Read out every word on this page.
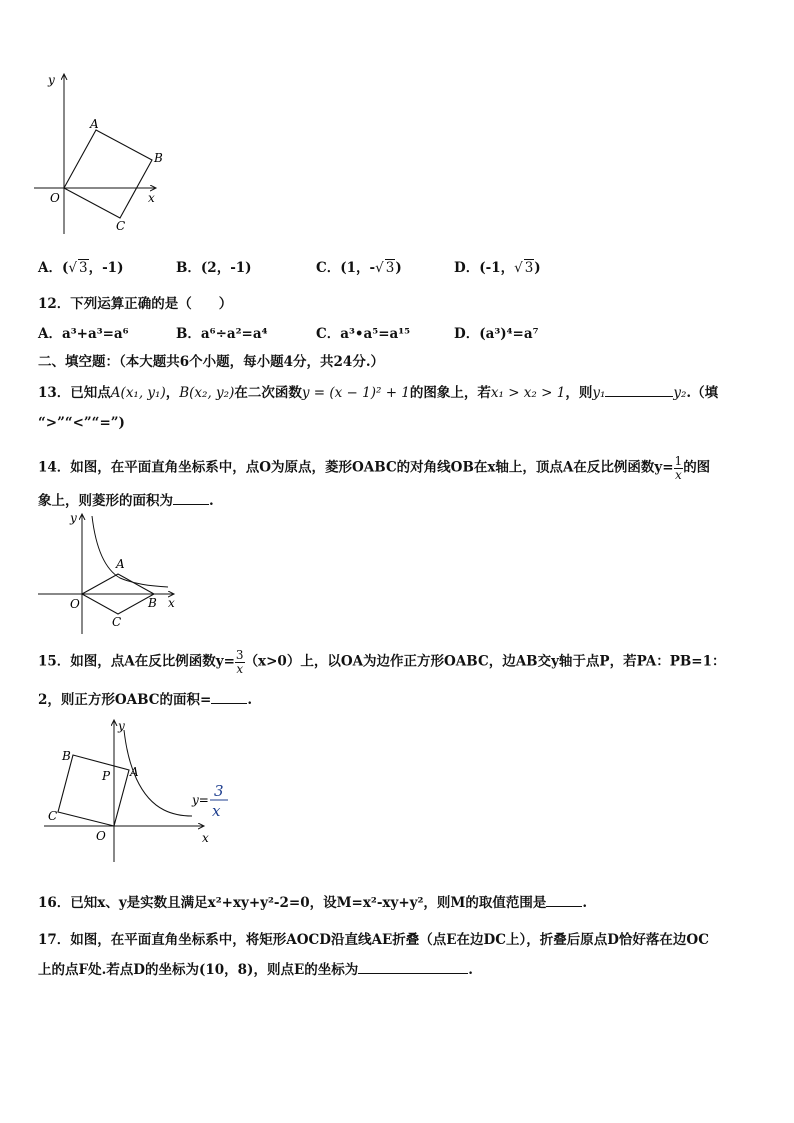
y
x
O
A
B
C
A．(√ 3，-1)	B．(2，-1)	C．(1，-√ 3)	D．(-1，√ 3)
12．下列运算正确的是（　　）
A．a³+a³=a⁶	B．a⁶÷a²=a⁴	C．a³•a⁵=a¹⁵	D．(a³)⁴=a⁷
二、填空题：（本大题共6个小题，每小题4分，共24分.）
13．已知点A(x₁, y₁)，B(x₂, y₂)在二次函数y = (x − 1)² + 1的图象上，若x₁ > x₂ > 1，则y₁	y₂.（填
“>”“<”“=”)
14．如图，在平面直角坐标系中，点O为原点，菱形OABC的对角线OB在x轴上，顶点A在反比例函数$y= \frac{1}{x}$ 的图
象上，则菱形的面积为	.
y
x
O
A
B
C
15．如图，点A在反比例函数$y= \frac{3}{x} (x>0)$上，以OA为边作正方形OABC，边AB交y轴于点P，若PA：PB=1：
2，则正方形OABC的面积=	.
y
x
O
A
B
C
P
y= 3
x
16．已知x、y是实数且满足x²+xy+y²-2=0，设M=x²-xy+y²，则M的取值范围是	.
17．如图，在平面直角坐标系中，将矩形AOCD沿直线AE折叠（点E在边DC上），折叠后原点D恰好落在边OC
上的点F处.若点D的坐标为(10，8)，则点E的坐标为	.
